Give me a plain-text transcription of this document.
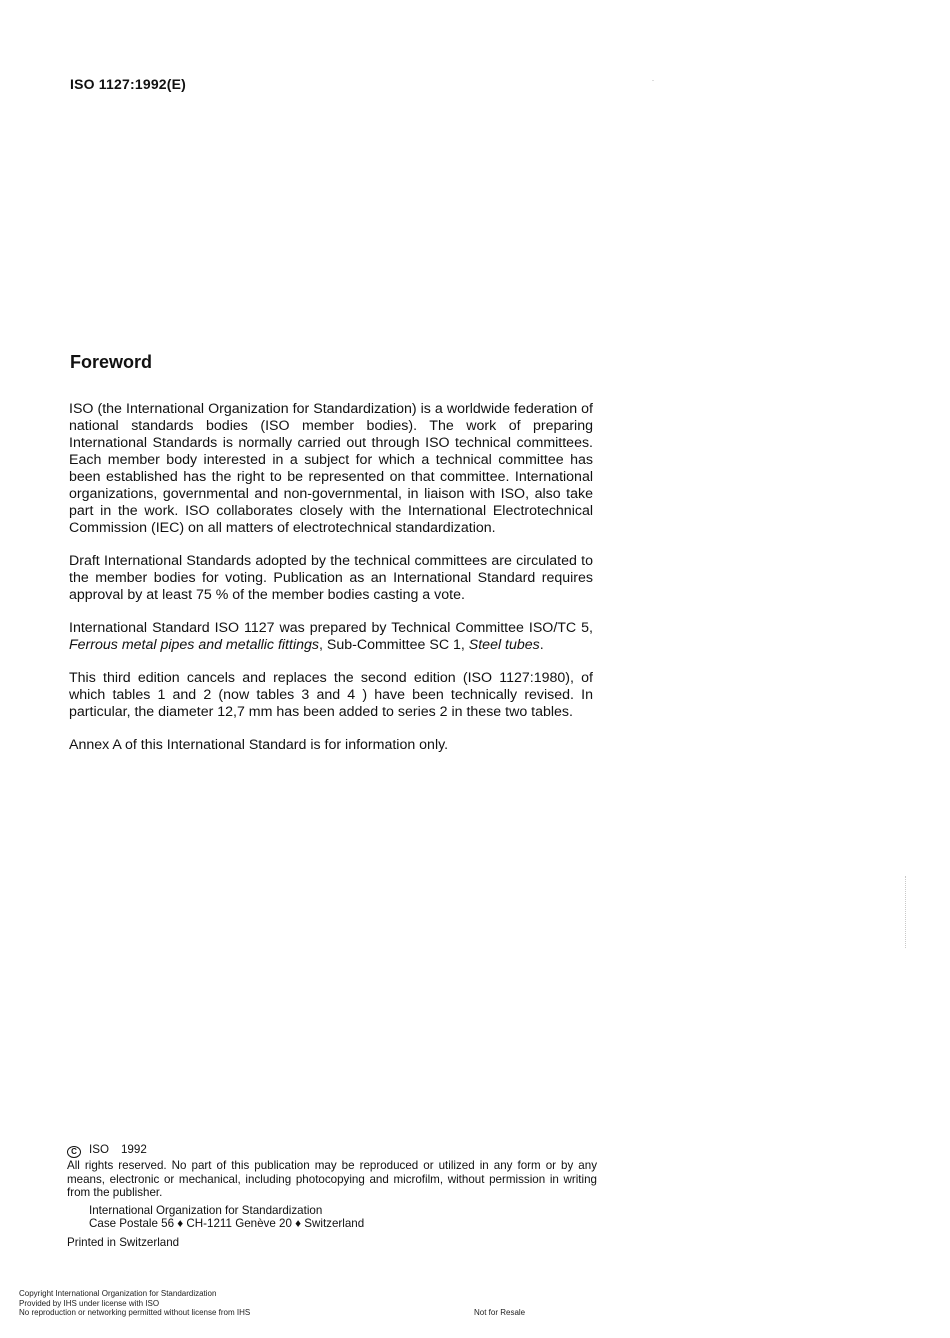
ISO 1127:1992(E)
Foreword

ISO (the International Organization for Standardization) is a worldwide federation of national standards bodies (ISO member bodies). The work of preparing International Standards is normally carried out through ISO technical committees. Each member body interested in a subject for which a technical committee has been established has the right to be represented on that committee. International organizations, governmental and non-governmental, in liaison with ISO, also take part in the work. ISO collaborates closely with the International Electrotechnical Commission (IEC) on all matters of electrotechnical standardization.

Draft International Standards adopted by the technical committees are circulated to the member bodies for voting. Publication as an International Standard requires approval by at least 75 % of the member bodies casting a vote.

International Standard ISO 1127 was prepared by Technical Committee ISO/TC 5, Ferrous metal pipes and metallic fittings, Sub-Committee SC 1, Steel tubes.

This third edition cancels and replaces the second edition (ISO 1127:1980), of which tables 1 and 2 (now tables 3 and 4 ) have been technically revised. In particular, the diameter 12,7 mm has been added to series 2 in these two tables.

Annex A of this International Standard is for information only.

C ISO 1992
All rights reserved. No part of this publication may be reproduced or utilized in any form or by any means, electronic or mechanical, including photocopying and microfilm, without permission in writing from the publisher.
International Organization for Standardization
Case Postale 56 ♦ CH-1211 Genève 20 ♦ Switzerland
Printed in Switzerland
Copyright International Organization for Standardization
Provided by IHS under license with ISO
No reproduction or networking permitted without license from IHS	Not for Resale
